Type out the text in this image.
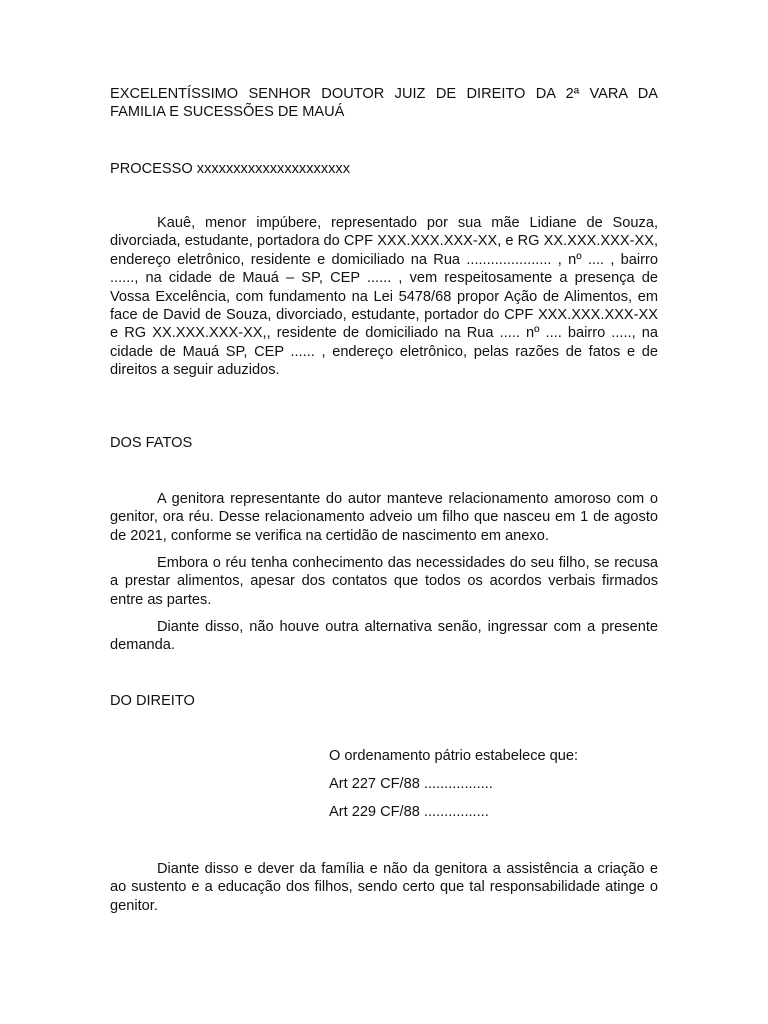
EXCELENTÍSSIMO SENHOR DOUTOR JUIZ DE DIREITO DA 2ª VARA DA FAMILIA E SUCESSÕES DE MAUÁ

PROCESSO xxxxxxxxxxxxxxxxxxxxx

Kauê, menor impúbere, representado por sua mãe Lidiane de Souza, divorciada, estudante, portadora do CPF XXX.XXX.XXX-XX, e RG XX.XXX.XXX-XX, endereço eletrônico, residente e domiciliado na Rua ..................... , nº .... , bairro ......, na cidade de Mauá – SP, CEP ...... , vem respeitosamente a presença de Vossa Excelência, com fundamento na Lei 5478/68 propor Ação de Alimentos, em face de David de Souza, divorciado, estudante, portador do CPF XXX.XXX.XXX-XX e RG XX.XXX.XXX-XX,, residente de domiciliado na Rua ..... nº .... bairro ....., na cidade de Mauá SP, CEP ...... , endereço eletrônico, pelas razões de fatos e de direitos a seguir aduzidos.

DOS FATOS

A genitora representante do autor manteve relacionamento amoroso com o genitor, ora réu. Desse relacionamento adveio um filho que nasceu em 1 de agosto de 2021, conforme se verifica na certidão de nascimento em anexo.

Embora o réu tenha conhecimento das necessidades do seu filho, se recusa a prestar alimentos, apesar dos contatos que todos os acordos verbais firmados entre as partes.

Diante disso, não houve outra alternativa senão, ingressar com a presente demanda.

DO DIREITO

O ordenamento pátrio estabelece que:

Art 227 CF/88 .................

Art 229 CF/88 ................

Diante disso e dever da família e não da genitora a assistência a criação e ao sustento e a educação dos filhos, sendo certo que tal responsabilidade atinge o genitor.
